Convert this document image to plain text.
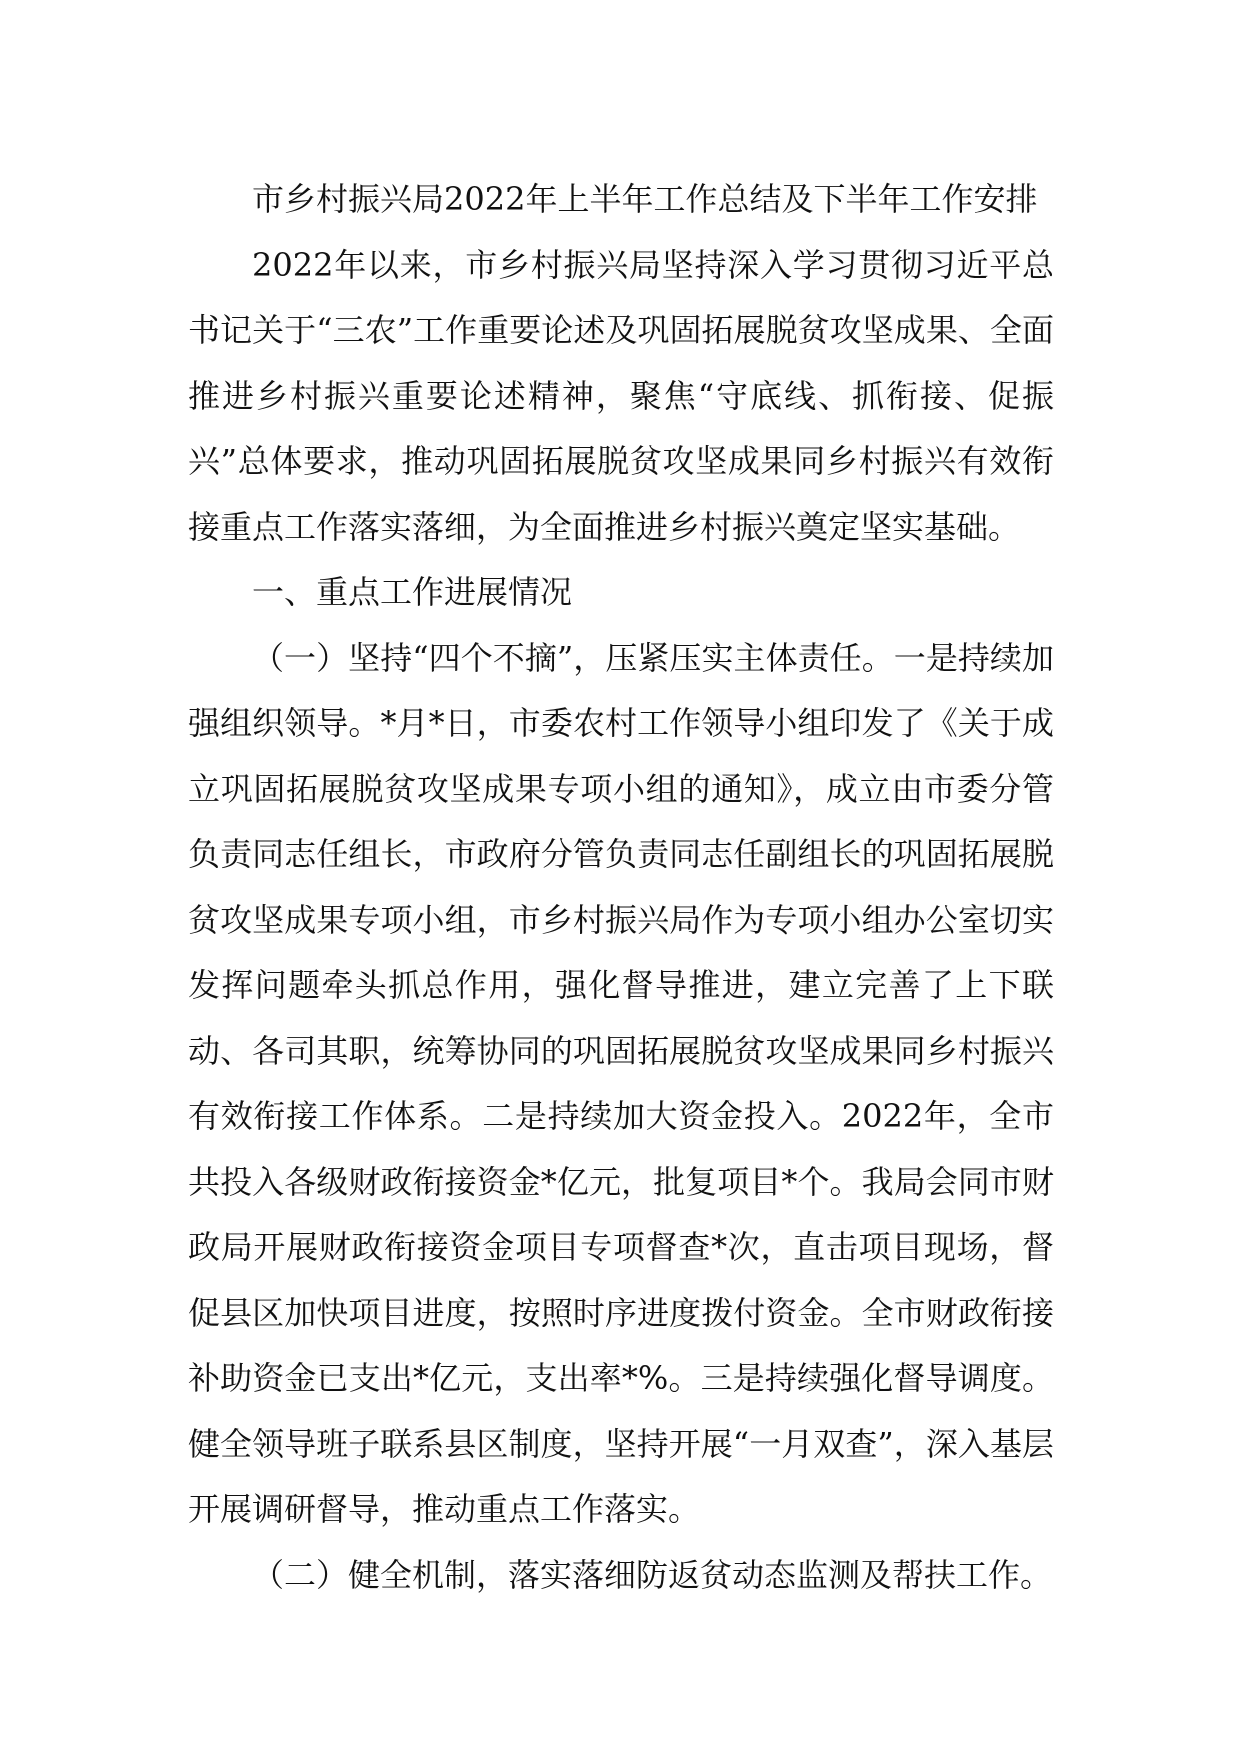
市乡村振兴局2022年上半年工作总结及下半年工作安排

2022年以来，市乡村振兴局坚持深入学习贯彻习近平总书记关于“三农”工作重要论述及巩固拓展脱贫攻坚成果、全面推进乡村振兴重要论述精神，聚焦“守底线、抓衔接、促振兴”总体要求，推动巩固拓展脱贫攻坚成果同乡村振兴有效衔接重点工作落实落细，为全面推进乡村振兴奠定坚实基础。

一、重点工作进展情况

（一）坚持“四个不摘”，压紧压实主体责任。一是持续加强组织领导。*月*日，市委农村工作领导小组印发了《关于成立巩固拓展脱贫攻坚成果专项小组的通知》，成立由市委分管负责同志任组长，市政府分管负责同志任副组长的巩固拓展脱贫攻坚成果专项小组，市乡村振兴局作为专项小组办公室切实发挥问题牵头抓总作用，强化督导推进，建立完善了上下联动、各司其职，统筹协同的巩固拓展脱贫攻坚成果同乡村振兴有效衔接工作体系。二是持续加大资金投入。2022年，全市共投入各级财政衔接资金*亿元，批复项目*个。我局会同市财政局开展财政衔接资金项目专项督查*次，直击项目现场，督促县区加快项目进度，按照时序进度拨付资金。全市财政衔接补助资金已支出*亿元，支出率*%。三是持续强化督导调度。健全领导班子联系县区制度，坚持开展“一月双查”，深入基层开展调研督导，推动重点工作落实。

（二）健全机制，落实落细防返贫动态监测及帮扶工作。
